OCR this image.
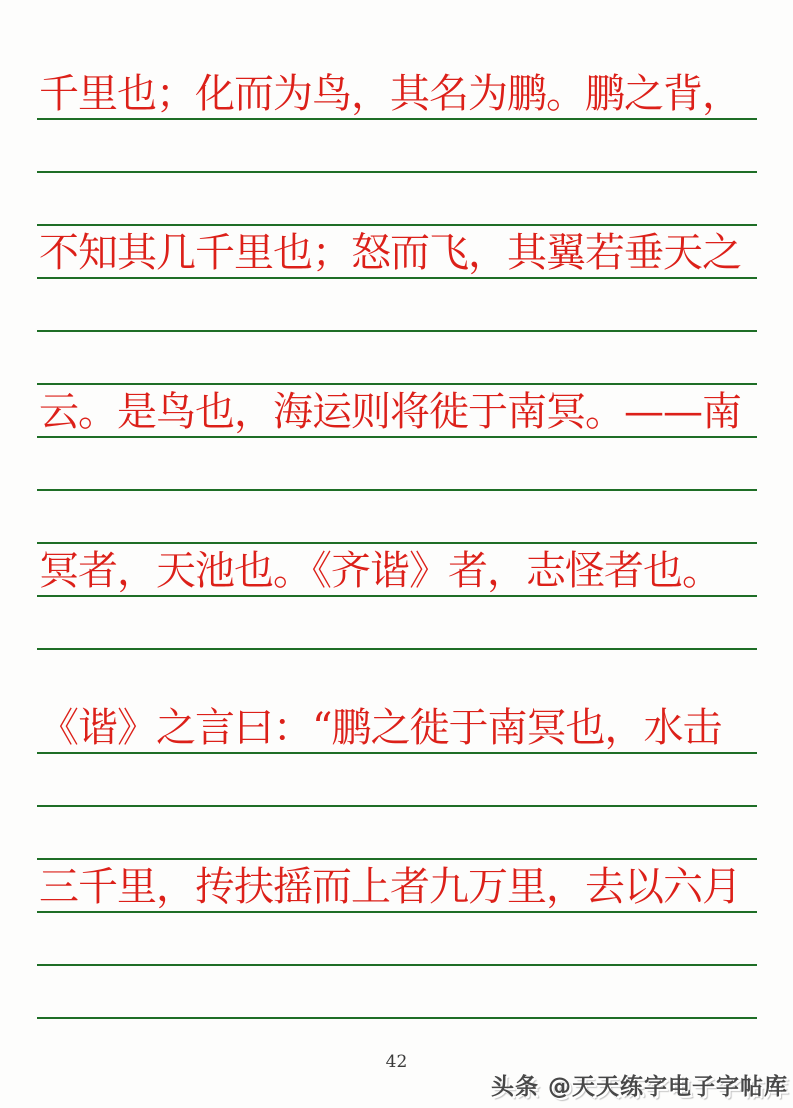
千里也；化而为鸟，其名为鹏。鹏之背，
不知其几千里也；怒而飞，其翼若垂天之
云。是鸟也，海运则将徙于南冥。——南
冥者，天池也。《齐谐》者，志怪者也。
《谐》之言曰：“鹏之徙于南冥也，水击
三千里，抟扶摇而上者九万里，去以六月
42
头条 @天天练字电子字帖库
